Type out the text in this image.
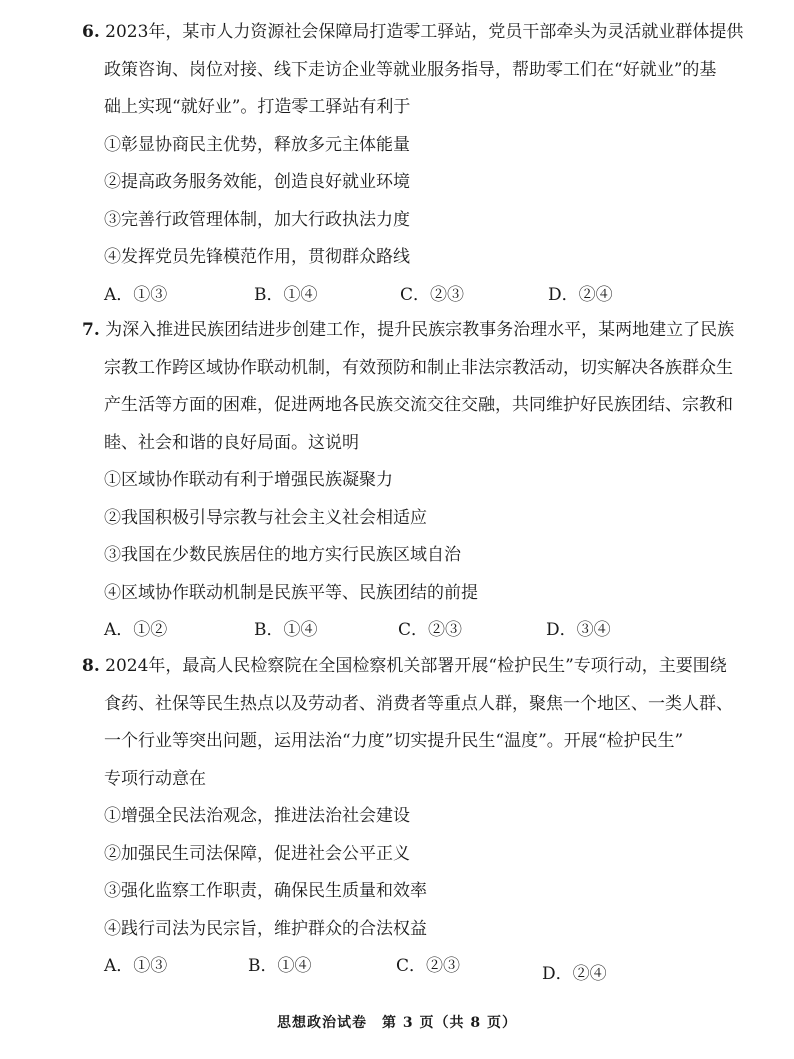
6. 2023年，某市人力资源社会保障局打造零工驿站，党员干部牵头为灵活就业群体提供
政策咨询、岗位对接、线下走访企业等就业服务指导，帮助零工们在“好就业”的基
础上实现“就好业”。打造零工驿站有利于
①彰显协商民主优势，释放多元主体能量
②提高政务服务效能，创造良好就业环境
③完善行政管理体制，加大行政执法力度
④发挥党员先锋模范作用，贯彻群众路线
A．①③	B．①④	C．②③	D．②④
7. 为深入推进民族团结进步创建工作，提升民族宗教事务治理水平，某两地建立了民族
宗教工作跨区域协作联动机制，有效预防和制止非法宗教活动，切实解决各族群众生
产生活等方面的困难，促进两地各民族交流交往交融，共同维护好民族团结、宗教和
睦、社会和谐的良好局面。这说明
①区域协作联动有利于增强民族凝聚力
②我国积极引导宗教与社会主义社会相适应
③我国在少数民族居住的地方实行民族区域自治
④区域协作联动机制是民族平等、民族团结的前提
A．①②	B．①④	C．②③	D．③④
8. 2024年，最高人民检察院在全国检察机关部署开展“检护民生”专项行动，主要围绕
食药、社保等民生热点以及劳动者、消费者等重点人群，聚焦一个地区、一类人群、
一个行业等突出问题，运用法治“力度”切实提升民生“温度”。开展“检护民生”
专项行动意在
①增强全民法治观念，推进法治社会建设
②加强民生司法保障，促进社会公平正义
③强化监察工作职责，确保民生质量和效率
④践行司法为民宗旨，维护群众的合法权益
A．①③	B．①④	C．②③	D．②④
思想政治试卷　第 3 页（共 8 页）
